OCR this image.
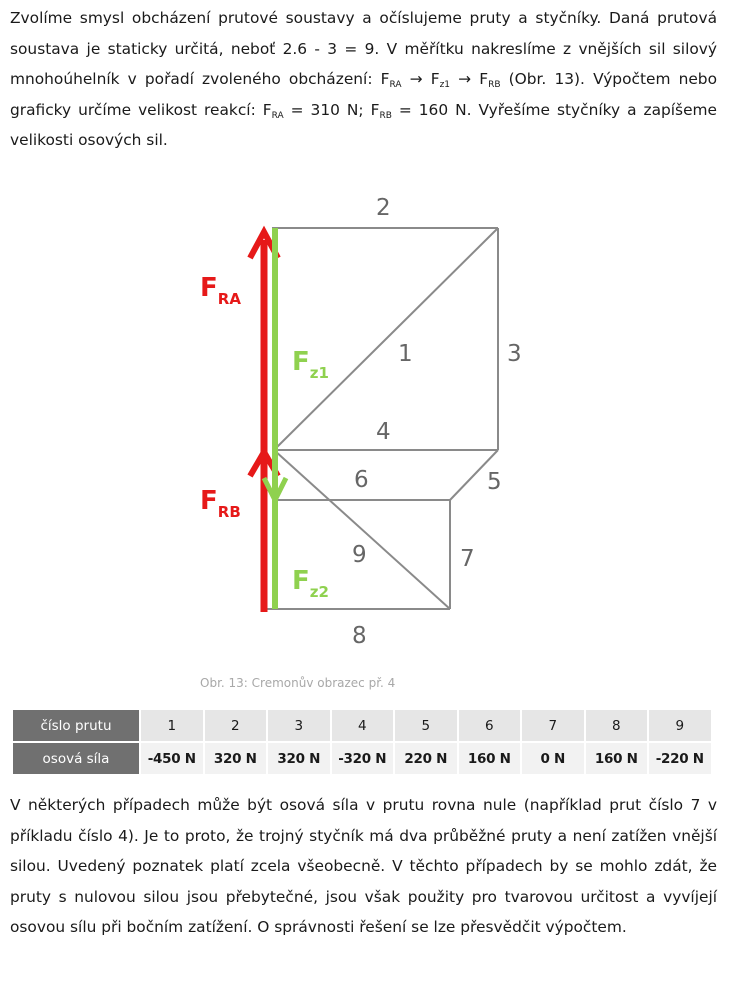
Zvolíme smysl obcházení prutové soustavy a očíslujeme pruty a styčníky. Daná prutová soustava je staticky určitá, neboť 2.6 - 3 = 9. V měřítku nakreslíme z vnějších sil silový mnohoúhelník v pořadí zvoleného obcházení: $F_{RA} \to F_{z1} \to F_{RB}$ (Obr. 13). Výpočtem nebo graficky určíme velikost reakcí: $F_{RA} = 310$ N; $F_{RB} = 160$ N. Vyřešíme styčníky a zapíšeme velikosti osových sil.

2
1	3
4
5
6
7
8
9
$F_{RA}$
$F_{RB}$
$F_{z1}$
$F_{z2}$
Obr. 13: Cremonův obrazec př. 4
číslo prutu	1	2	3	4	5	6	7	8	9
osová síla	-450 N	320 N	320 N	-320 N	220 N	160 N	0 N	160 N	-220 N

V některých případech může být osová síla v prutu rovna nule (například prut číslo 7 v příkladu číslo 4). Je to proto, že trojný styčník má dva průběžné pruty a není zatížen vnější silou. Uvedený poznatek platí zcela všeobecně. V těchto případech by se mohlo zdát, že pruty s nulovou silou jsou přebytečné, jsou však použity pro tvarovou určitost a vyvíjejí osovou sílu při bočním zatížení. O správnosti řešení se lze přesvědčit výpočtem.
